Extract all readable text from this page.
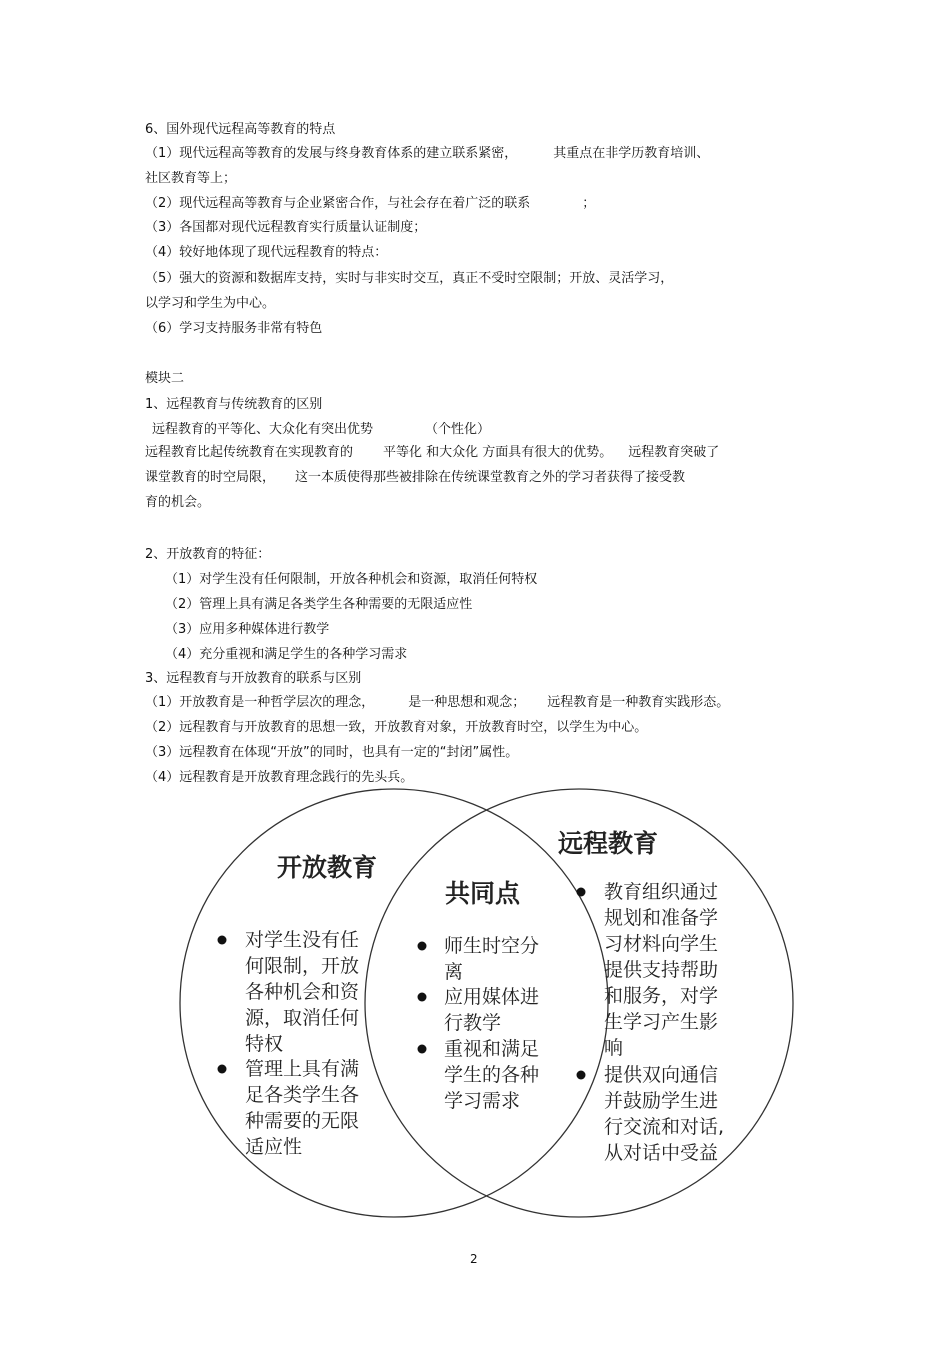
6、国外现代远程高等教育的特点
（1）现代远程高等教育的发展与终身教育体系的建立联系紧密，	其重点在非学历教育培训、
社区教育等上；
（2）现代远程高等教育与企业紧密合作，与社会存在着广泛的联系	；
（3）各国都对现代远程教育实行质量认证制度；
（4）较好地体现了现代远程教育的特点：
（5）强大的资源和数据库支持，实时与非实时交互，真正不受时空限制；开放、灵活学习，
以学习和学生为中心。
（6）学习支持服务非常有特色
模块二
1、远程教育与传统教育的区别
远程教育的平等化、大众化有突出优势	（个性化）
远程教育比起传统教育在实现教育的 平等化 和大众化 方面具有很大的优势。 远程教育突破了
课堂教育的时空局限， 这一本质使得那些被排除在传统课堂教育之外的学习者获得了接受教
育的机会。
2、开放教育的特征：
（1）对学生没有任何限制，开放各种机会和资源，取消任何特权
（2）管理上具有满足各类学生各种需要的无限适应性
（3）应用多种媒体进行教学
（4）充分重视和满足学生的各种学习需求
3、远程教育与开放教育的联系与区别
（1）开放教育是一种哲学层次的理念，	是一种思想和观念； 远程教育是一种教育实践形态。
（2）远程教育与开放教育的思想一致，开放教育对象，开放教育时空，以学生为中心。
（3）远程教育在体现“开放”的同时，也具有一定的“封闭”属性。
（4）远程教育是开放教育理念践行的先头兵。
开放教育
共同点
远程教育
对学生没有任
何限制，开放
各种机会和资
源，取消任何
特权
管理上具有满
足各类学生各
种需要的无限
适应性
师生时空分
离
应用媒体进
行教学
重视和满足
学生的各种
学习需求
教育组织通过
规划和准备学
习材料向学生
提供支持帮助
和服务，对学
生学习产生影
响
提供双向通信
并鼓励学生进
行交流和对话,
从对话中受益
2
